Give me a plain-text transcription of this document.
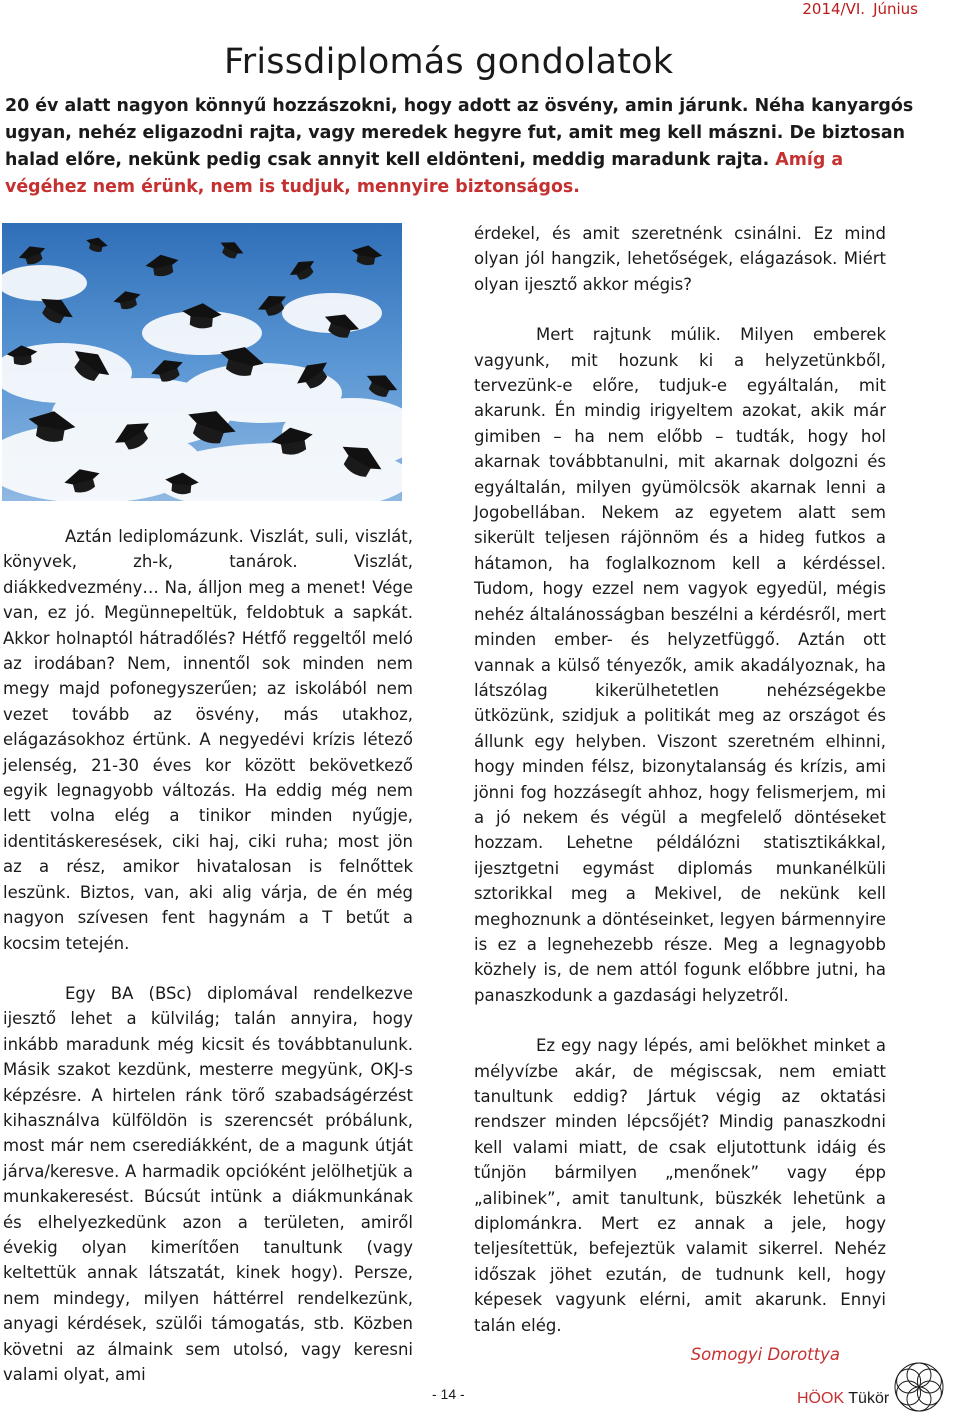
2014/VI. Június
Frissdiplomás gondolatok

20 év alatt nagyon könnyű hozzászokni, hogy adott az ösvény, amin járunk. Néha kanyargós ugyan, nehéz eligazodni rajta, vagy meredek hegyre fut, amit meg kell mászni. De biztosan halad előre, nekünk pedig csak annyit kell eldönteni, meddig maradunk rajta. Amíg a végéhez nem érünk, nem is tudjuk, mennyire biztonságos.

Aztán lediplomázunk. Viszlát, suli, viszlát, könyvek, zh-k, tanárok. Viszlát, diákkedvezmény… Na, álljon meg a menet! Vége van, ez jó. Megünnepeltük, feldobtuk a sapkát. Akkor holnaptól hátradőlés? Hétfő reggeltől meló az irodában? Nem, innentől sok minden nem megy majd pofonegyszerűen; az iskolából nem vezet tovább az ösvény, más utakhoz, elágazásokhoz értünk. A negyedévi krízis létező jelenség, 21-30 éves kor között bekövetkező egyik legnagyobb változás. Ha eddig még nem lett volna elég a tinikor minden nyűgje, identitáskeresések, ciki haj, ciki ruha; most jön az a rész, amikor hivatalosan is felnőttek leszünk. Biztos, van, aki alig várja, de én még nagyon szívesen fent hagynám a T betűt a kocsim tetején.

Egy BA (BSc) diplomával rendelkezve ijesztő lehet a külvilág; talán annyira, hogy inkább maradunk még kicsit és továbbtanulunk. Másik szakot kezdünk, mesterre megyünk, OKJ-s képzésre. A hirtelen ránk törő szabadságérzést kihasználva külföldön is szerencsét próbálunk, most már nem cserediákként, de a magunk útját járva/keresve. A harmadik opcióként jelölhetjük a munkakeresést. Búcsút intünk a diákmunkának és elhelyezkedünk azon a területen, amiről évekig olyan kimerítően tanultunk (vagy keltettük annak látszatát, kinek hogy). Persze, nem mindegy, milyen háttérrel rendelkezünk, anyagi kérdések, szülői támogatás, stb. Közben követni az álmaink sem utolsó, vagy keresni valami olyat, ami

érdekel, és amit szeretnénk csinálni. Ez mind olyan jól hangzik, lehetőségek, elágazások. Miért olyan ijesztő akkor mégis?

Mert rajtunk múlik. Milyen emberek vagyunk, mit hozunk ki a helyzetünkből, tervezünk-e előre, tudjuk-e egyáltalán, mit akarunk. Én mindig irigyeltem azokat, akik már gimiben – ha nem előbb – tudták, hogy hol akarnak továbbtanulni, mit akarnak dolgozni és egyáltalán, milyen gyümölcsök akarnak lenni a Jogobellában. Nekem az egyetem alatt sem sikerült teljesen rájönnöm és a hideg futkos a hátamon, ha foglalkoznom kell a kérdéssel. Tudom, hogy ezzel nem vagyok egyedül, mégis nehéz általánosságban beszélni a kérdésről, mert minden ember- és helyzetfüggő. Aztán ott vannak a külső tényezők, amik akadályoznak, ha látszólag kikerülhetetlen nehézségekbe ütközünk, szidjuk a politikát meg az országot és állunk egy helyben. Viszont szeretném elhinni, hogy minden félsz, bizonytalanság és krízis, ami jönni fog hozzásegít ahhoz, hogy felismerjem, mi a jó nekem és végül a megfelelő döntéseket hozzam. Lehetne példálózni statisztikákkal, ijesztgetni egymást diplomás munkanélküli sztorikkal meg a Mekivel, de nekünk kell meghoznunk a döntéseinket, legyen bármennyire is ez a legnehezebb része. Meg a legnagyobb közhely is, de nem attól fogunk előbbre jutni, ha panaszkodunk a gazdasági helyzetről.

Ez egy nagy lépés, ami belökhet minket a mélyvízbe akár, de mégiscsak, nem emiatt tanultunk eddig? Jártuk végig az oktatási rendszer minden lépcsőjét? Mindig panaszkodni kell valami miatt, de csak eljutottunk idáig és tűnjön bármilyen „menőnek” vagy épp „alibinek”, amit tanultunk, büszkék lehetünk a diplománkra. Mert ez annak a jele, hogy teljesítettük, befejeztük valamit sikerrel. Nehéz időszak jöhet ezután, de tudnunk kell, hogy képesek vagyunk elérni, amit akarunk. Ennyi talán elég.

Somogyi Dorottya

- 14 -	HÖOK Tükör
